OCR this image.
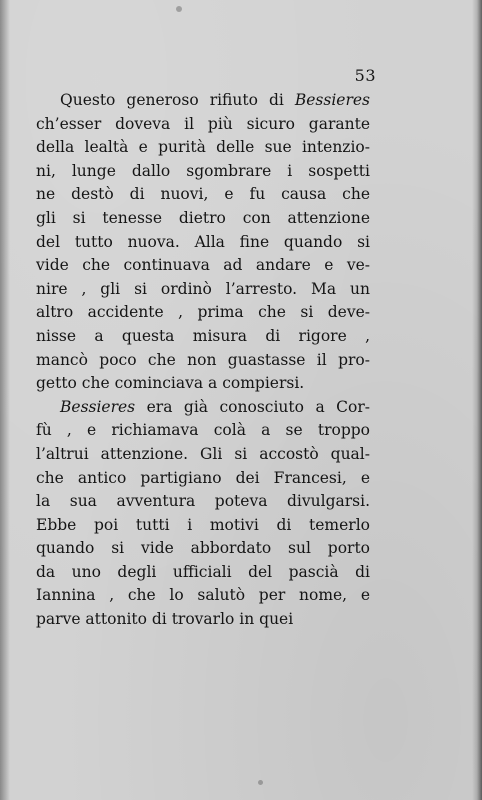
53
Questo generoso rifiuto di Bessieres
ch’esser doveva il più sicuro garante
della lealtà e purità delle sue intenzio-
ni, lunge dallo sgombrare i sospetti
ne destò di nuovi, e fu causa che
gli si tenesse dietro con attenzione
del tutto nuova. Alla fine quando si
vide che continuava ad andare e ve-
nire , gli si ordinò l’arresto. Ma un
altro accidente , prima che si deve-
nisse a questa misura di rigore ,
mancò poco che non guastasse il pro-
getto che cominciava a compiersi.
Bessieres era già conosciuto a Cor-
fù , e richiamava colà a se troppo
l’altrui attenzione. Gli si accostò qual-
che antico partigiano dei Francesi, e
la sua avventura poteva divulgarsi.
Ebbe poi tutti i motivi di temerlo
quando si vide abbordato sul porto
da uno degli ufficiali del pascià di
Iannina , che lo salutò per nome, e
parve attonito di trovarlo in quei
